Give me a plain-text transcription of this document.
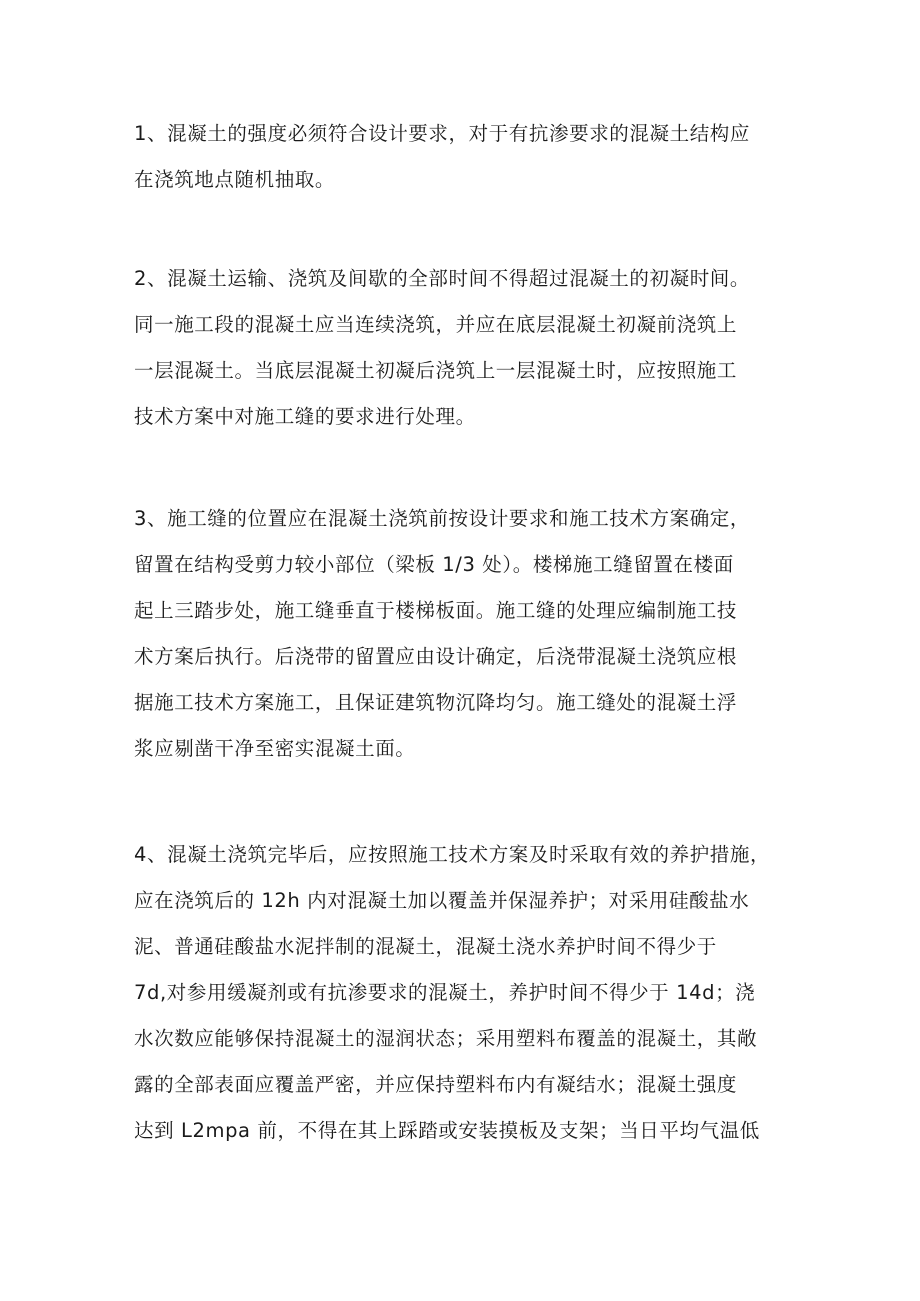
1、混凝土的强度必须符合设计要求，对于有抗渗要求的混凝土结构应
在浇筑地点随机抽取。
2、混凝土运输、浇筑及间歇的全部时间不得超过混凝土的初凝时间。
同一施工段的混凝土应当连续浇筑，并应在底层混凝土初凝前浇筑上
一层混凝土。当底层混凝土初凝后浇筑上一层混凝土时，应按照施工
技术方案中对施工缝的要求进行处理。
3、施工缝的位置应在混凝土浇筑前按设计要求和施工技术方案确定，
留置在结构受剪力较小部位（梁板 1/3 处）。楼梯施工缝留置在楼面
起上三踏步处，施工缝垂直于楼梯板面。施工缝的处理应编制施工技
术方案后执行。后浇带的留置应由设计确定，后浇带混凝土浇筑应根
据施工技术方案施工，且保证建筑物沉降均匀。施工缝处的混凝土浮
浆应剔凿干净至密实混凝土面。
4、混凝土浇筑完毕后，应按照施工技术方案及时采取有效的养护措施，
应在浇筑后的 12h 内对混凝土加以覆盖并保湿养护；对采用硅酸盐水
泥、普通硅酸盐水泥拌制的混凝土，混凝土浇水养护时间不得少于
7d,对参用缓凝剂或有抗渗要求的混凝土，养护时间不得少于 14d；浇
水次数应能够保持混凝土的湿润状态；采用塑料布覆盖的混凝土，其敞
露的全部表面应覆盖严密，并应保持塑料布内有凝结水；混凝土强度
达到 L2mpa 前，不得在其上踩踏或安装摸板及支架；当日平均气温低
